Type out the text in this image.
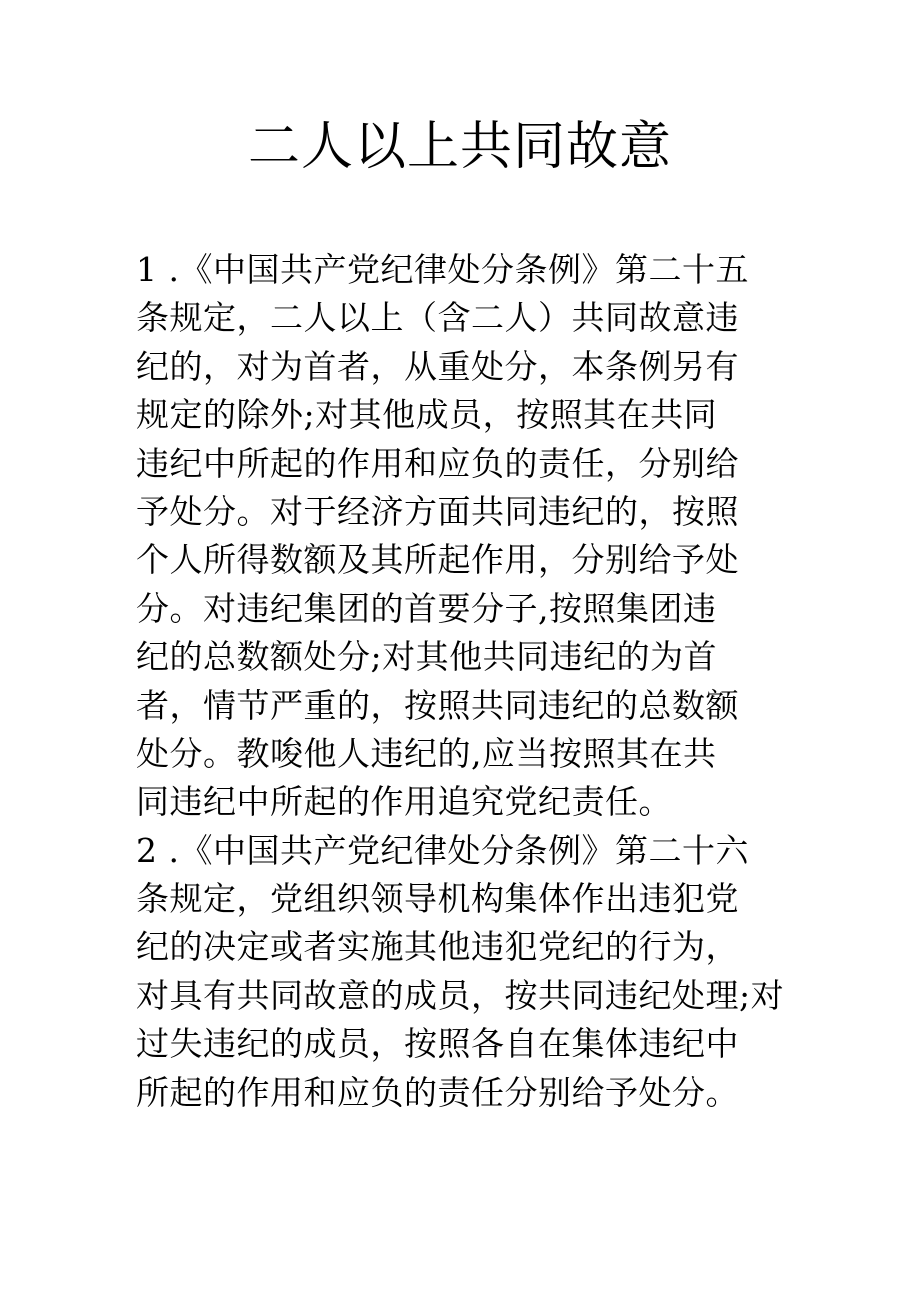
二人以上共同故意
1 .《中国共产党纪律处分条例》第二十五
条规定，二人以上（含二人）共同故意违
纪的，对为首者，从重处分，本条例另有
规定的除外;对其他成员，按照其在共同
违纪中所起的作用和应负的责任，分别给
予处分。对于经济方面共同违纪的，按照
个人所得数额及其所起作用，分别给予处
分。对违纪集团的首要分子,按照集团违
纪的总数额处分;对其他共同违纪的为首
者，情节严重的，按照共同违纪的总数额
处分。教唆他人违纪的,应当按照其在共
同违纪中所起的作用追究党纪责任。
2 .《中国共产党纪律处分条例》第二十六
条规定，党组织领导机构集体作出违犯党
纪的决定或者实施其他违犯党纪的行为，
对具有共同故意的成员，按共同违纪处理;对
过失违纪的成员，按照各自在集体违纪中
所起的作用和应负的责任分别给予处分。
